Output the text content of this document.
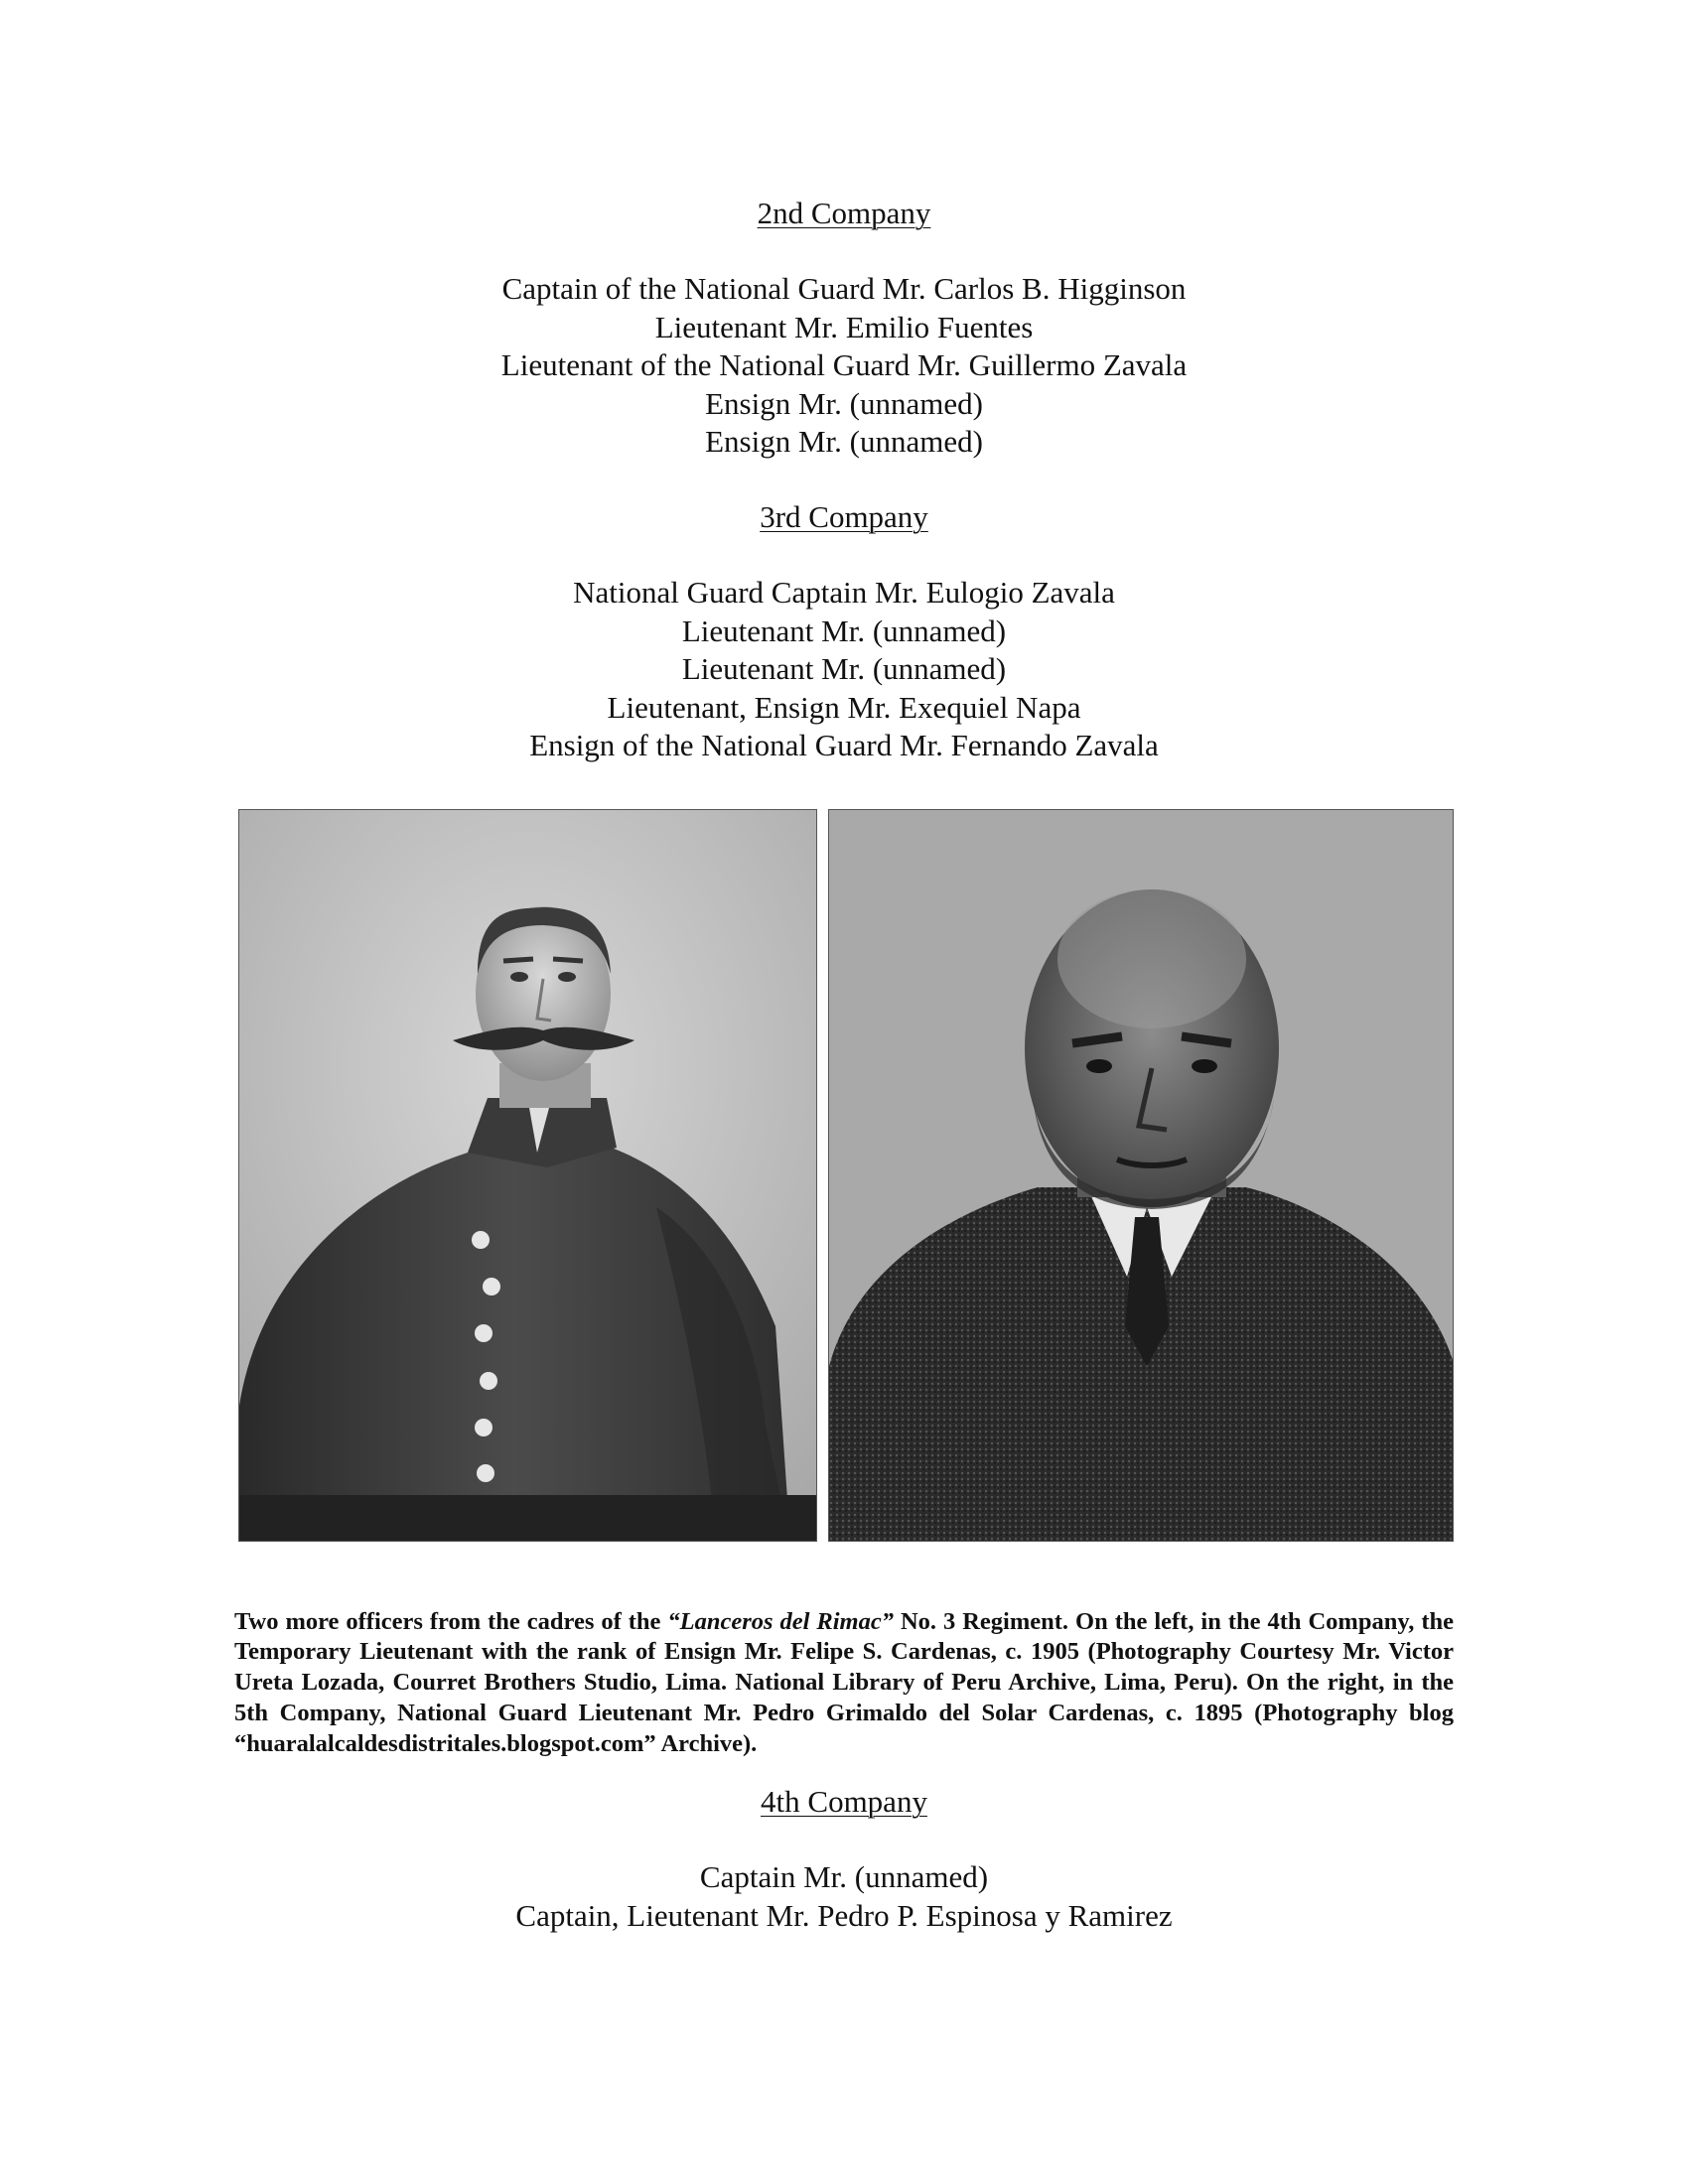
2nd Company
Captain of the National Guard Mr. Carlos B. Higginson
Lieutenant Mr. Emilio Fuentes
Lieutenant of the National Guard Mr. Guillermo Zavala
Ensign Mr. (unnamed)
Ensign Mr. (unnamed)
3rd Company
National Guard Captain Mr. Eulogio Zavala
Lieutenant Mr. (unnamed)
Lieutenant Mr. (unnamed)
Lieutenant, Ensign Mr. Exequiel Napa
Ensign of the National Guard Mr. Fernando Zavala

Two more officers from the cadres of the “Lanceros del Rimac” No. 3 Regiment. On the left, in the 4th Company, the Temporary Lieutenant with the rank of Ensign Mr. Felipe S. Cardenas, c. 1905 (Photography Courtesy Mr. Victor Ureta Lozada, Courret Brothers Studio, Lima. National Library of Peru Archive, Lima, Peru). On the right, in the 5th Company, National Guard Lieutenant Mr. Pedro Grimaldo del Solar Cardenas, c. 1895 (Photography blog “huaralalcaldesdistritales.blogspot.com” Archive).

4th Company
Captain Mr. (unnamed)
Captain, Lieutenant Mr. Pedro P. Espinosa y Ramirez
